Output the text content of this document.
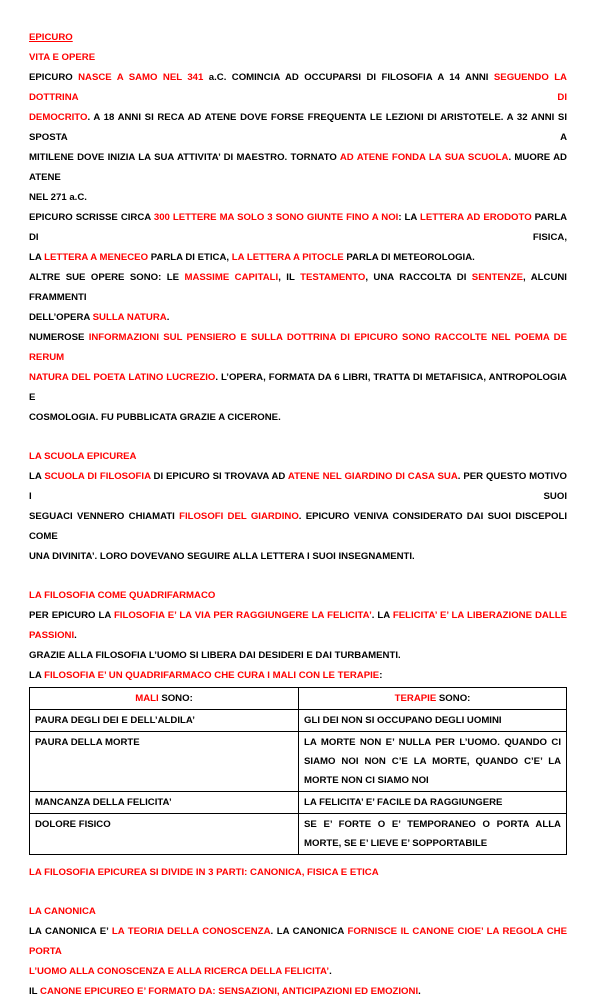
EPICURO
VITA E OPERE
EPICURO NASCE A SAMO NEL 341 a.C. COMINCIA AD OCCUPARSI DI FILOSOFIA A 14 ANNI SEGUENDO LA DOTTRINA DI
DEMOCRITO. A 18 ANNI SI RECA AD ATENE DOVE FORSE FREQUENTA LE LEZIONI DI ARISTOTELE. A 32 ANNI SI SPOSTA A
MITILENE DOVE INIZIA LA SUA ATTIVITA’ DI MAESTRO. TORNATO AD ATENE FONDA LA SUA SCUOLA. MUORE AD ATENE
NEL 271 a.C.
EPICURO SCRISSE CIRCA 300 LETTERE MA SOLO 3 SONO GIUNTE FINO A NOI: LA LETTERA AD ERODOTO PARLA DI FISICA,
LA LETTERA A MENECEO PARLA DI ETICA, LA LETTERA A PITOCLE PARLA DI METEOROLOGIA.
ALTRE SUE OPERE SONO: LE MASSIME CAPITALI, IL TESTAMENTO, UNA RACCOLTA DI SENTENZE, ALCUNI FRAMMENTI
DELL’OPERA SULLA NATURA.
NUMEROSE INFORMAZIONI SUL PENSIERO E SULLA DOTTRINA DI EPICURO SONO RACCOLTE NEL POEMA DE RERUM
NATURA DEL POETA LATINO LUCREZIO. L’OPERA, FORMATA DA 6 LIBRI, TRATTA DI METAFISICA, ANTROPOLOGIA E
COSMOLOGIA. FU PUBBLICATA GRAZIE A CICERONE.
LA SCUOLA EPICUREA
LA SCUOLA DI FILOSOFIA DI EPICURO SI TROVAVA AD ATENE NEL GIARDINO DI CASA SUA. PER QUESTO MOTIVO I SUOI
SEGUACI VENNERO CHIAMATI FILOSOFI DEL GIARDINO. EPICURO VENIVA CONSIDERATO DAI SUOI DISCEPOLI COME
UNA DIVINITA’. LORO DOVEVANO SEGUIRE ALLA LETTERA I SUOI INSEGNAMENTI.
LA FILOSOFIA COME QUADRIFARMACO
PER EPICURO LA FILOSOFIA E’ LA VIA PER RAGGIUNGERE LA FELICITA’. LA FELICITA’ E’ LA LIBERAZIONE DALLE PASSIONI.
GRAZIE ALLA FILOSOFIA L’UOMO SI LIBERA DAI DESIDERI E DAI TURBAMENTI.
LA FILOSOFIA E’ UN QUADRIFARMACO CHE CURA I MALI CON LE TERAPIE:
MALI SONO:	TERAPIE SONO:
PAURA DEGLI DEI E DELL’ALDILA’	GLI DEI NON SI OCCUPANO DEGLI UOMINI
PAURA DELLA MORTE	LA MORTE NON E’ NULLA PER L’UOMO. QUANDO CI SIAMO NOI NON C’E LA MORTE, QUANDO C’E’ LA MORTE NON CI SIAMO NOI
MANCANZA DELLA FELICITA’	LA FELICITA’ E’ FACILE DA RAGGIUNGERE
DOLORE FISICO	SE E’ FORTE O E’ TEMPORANEO O PORTA ALLA MORTE, SE E’ LIEVE E’ SOPPORTABILE
LA FILOSOFIA EPICUREA SI DIVIDE IN 3 PARTI: CANONICA, FISICA E ETICA
LA CANONICA
LA CANONICA E’ LA TEORIA DELLA CONOSCENZA. LA CANONICA FORNISCE IL CANONE CIOE’ LA REGOLA CHE PORTA
L’UOMO ALLA CONOSCENZA E ALLA RICERCA DELLA FELICITA’.
IL CANONE EPICUREO E’ FORMATO DA: SENSAZIONI, ANTICIPAZIONI ED EMOZIONI.
